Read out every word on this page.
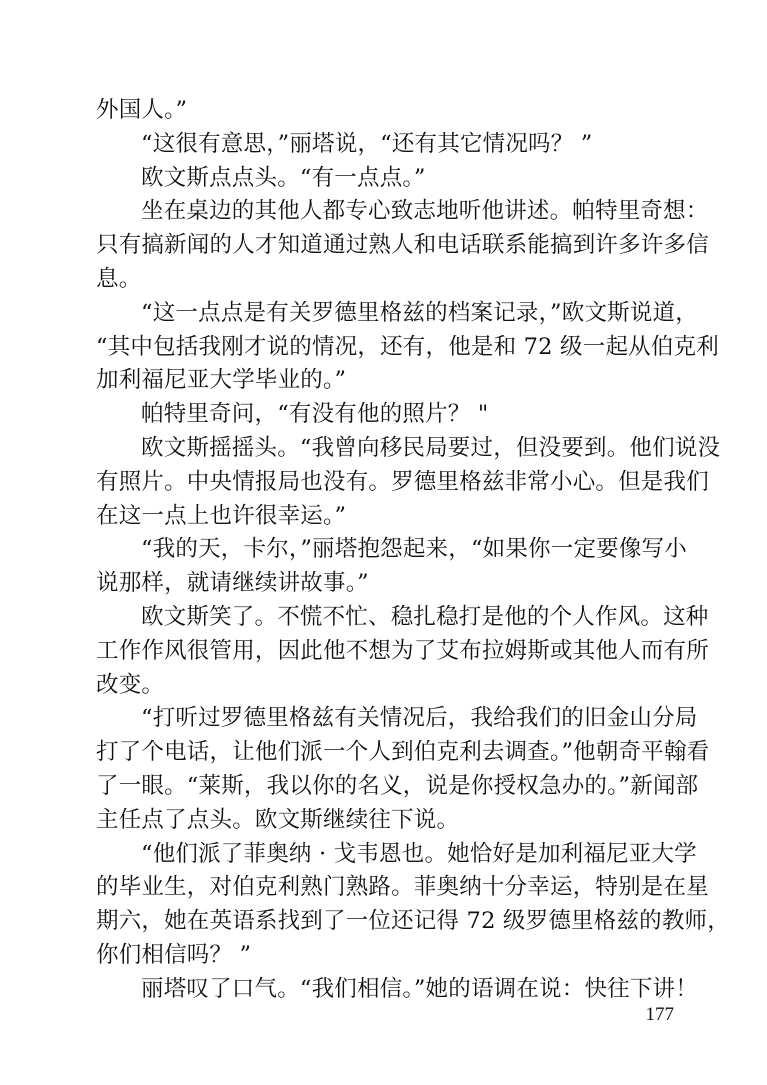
外国人。”
“这很有意思，”丽塔说，“还有其它情况吗？ ”
欧文斯点点头。“有一点点。”
坐在桌边的其他人都专心致志地听他讲述。帕特里奇想：
只有搞新闻的人才知道通过熟人和电话联系能搞到许多许多信
息。
“这一点点是有关罗德里格兹的档案记录，”欧文斯说道，
“其中包括我刚才说的情况，还有，他是和 72 级一起从伯克利
加利福尼亚大学毕业的。”
帕特里奇问，“有没有他的照片？ "
欧文斯摇摇头。“我曾向移民局要过，但没要到。他们说没
有照片。中央情报局也没有。罗德里格兹非常小心。但是我们
在这一点上也许很幸运。”
“我的天，卡尔，”丽塔抱怨起来，“如果你一定要像写小
说那样，就请继续讲故事。”
欧文斯笑了。不慌不忙、稳扎稳打是他的个人作风。这种
工作作风很管用，因此他不想为了艾布拉姆斯或其他人而有所
改变。
“打听过罗德里格兹有关情况后，我给我们的旧金山分局
打了个电话，让他们派一个人到伯克利去调查。”他朝奇平翰看
了一眼。“莱斯，我以你的名义，说是你授权急办的。”新闻部
主任点了点头。欧文斯继续往下说。
“他们派了菲奥纳 · 戈韦恩也。她恰好是加利福尼亚大学
的毕业生，对伯克利熟门熟路。菲奥纳十分幸运，特别是在星
期六，她在英语系找到了一位还记得 72 级罗德里格兹的教师，
你们相信吗？ ”
丽塔叹了口气。“我们相信。”她的语调在说：快往下讲！
177
